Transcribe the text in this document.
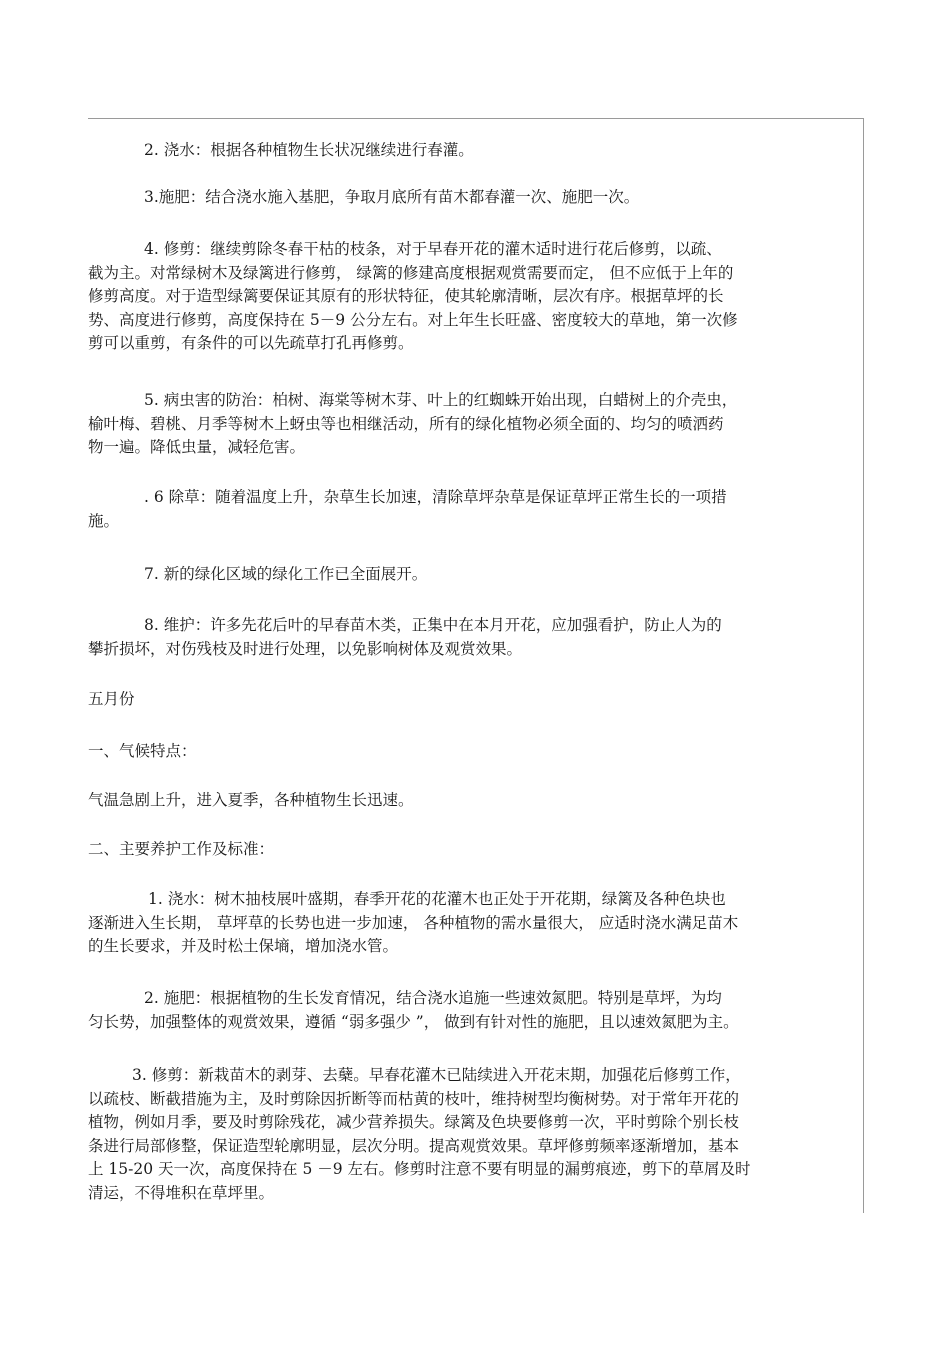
2. 浇水：根据各种植物生长状况继续进行春灌。
3.施肥：结合浇水施入基肥，争取月底所有苗木都春灌一次、施肥一次。
4. 修剪：继续剪除冬春干枯的枝条，对于早春开花的灌木适时进行花后修剪，以疏、
截为主。对常绿树木及绿篱进行修剪， 绿篱的修建高度根据观赏需要而定， 但不应低于上年的
修剪高度。对于造型绿篱要保证其原有的形状特征，使其轮廓清晰，层次有序。根据草坪的长
势、高度进行修剪，高度保持在 5－9 公分左右。对上年生长旺盛、密度较大的草地，第一次修
剪可以重剪，有条件的可以先疏草打孔再修剪。
5. 病虫害的防治：柏树、海棠等树木芽、叶上的红蜘蛛开始出现，白蜡树上的介壳虫，
榆叶梅、碧桃、月季等树木上蚜虫等也相继活动，所有的绿化植物必须全面的、均匀的喷洒药
物一遍。降低虫量，减轻危害。
. 6 除草：随着温度上升，杂草生长加速，清除草坪杂草是保证草坪正常生长的一项措
施。
7. 新的绿化区域的绿化工作已全面展开。
8. 维护：许多先花后叶的早春苗木类，正集中在本月开花，应加强看护，防止人为的
攀折损坏，对伤残枝及时进行处理，以免影响树体及观赏效果。
五月份
一、气候特点：
气温急剧上升，进入夏季，各种植物生长迅速。
二、主要养护工作及标准：
1. 浇水：树木抽枝展叶盛期，春季开花的花灌木也正处于开花期，绿篱及各种色块也
逐渐进入生长期， 草坪草的长势也进一步加速， 各种植物的需水量很大， 应适时浇水满足苗木
的生长要求，并及时松土保墒，增加浇水管。
2. 施肥：根据植物的生长发育情况，结合浇水追施一些速效氮肥。特别是草坪，为均
匀长势，加强整体的观赏效果，遵循 “弱多强少 ”， 做到有针对性的施肥，且以速效氮肥为主。
3. 修剪：新栽苗木的剥芽、去蘖。早春花灌木已陆续进入开花末期，加强花后修剪工作，
以疏枝、断截措施为主，及时剪除因折断等而枯黄的枝叶，维持树型均衡树势。对于常年开花的
植物，例如月季，要及时剪除残花，减少营养损失。绿篱及色块要修剪一次，平时剪除个别长枝
条进行局部修整，保证造型轮廓明显，层次分明。提高观赏效果。草坪修剪频率逐渐增加，基本
上 15-20 天一次，高度保持在 5 －9 左右。修剪时注意不要有明显的漏剪痕迹，剪下的草屑及时
清运，不得堆积在草坪里。
